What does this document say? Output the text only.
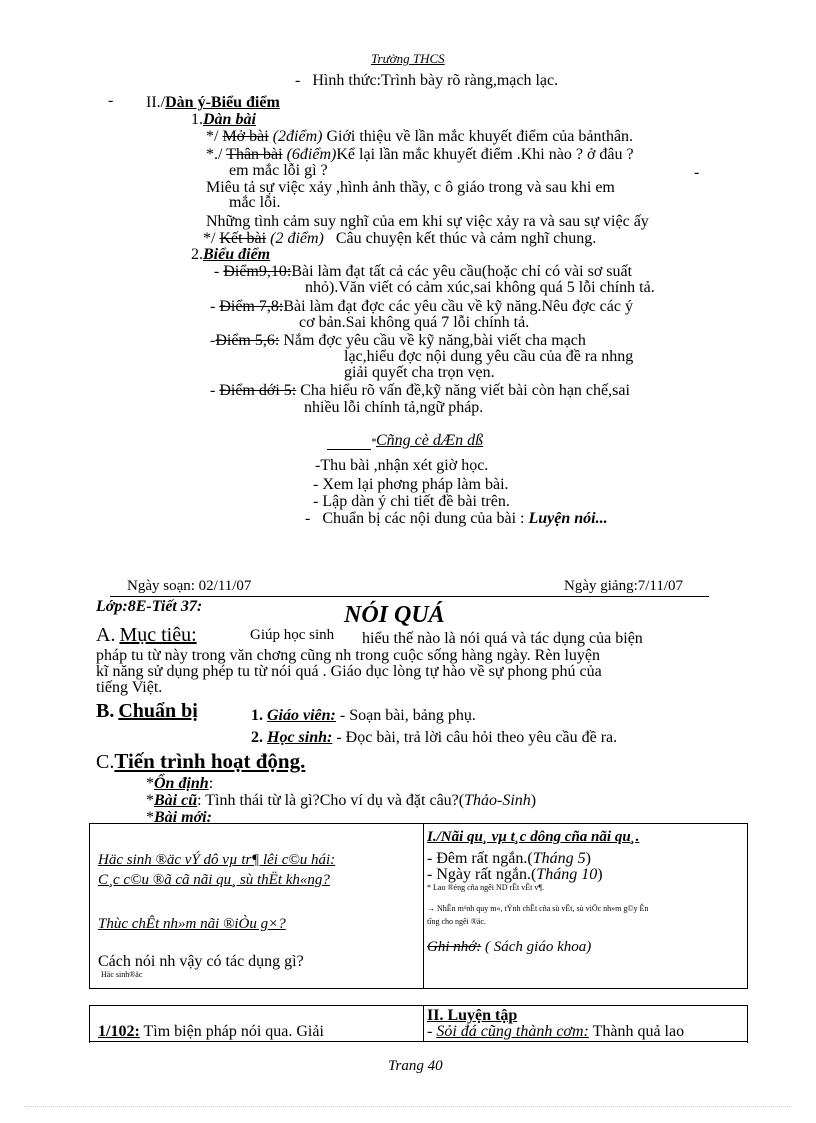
Trường THCS
- Hình thức:Trình bày rõ ràng,mạch lạc.
- II./Dàn ý-Biểu điểm
1.Dàn bài
*/ Mở bài (2điểm) Giới thiệu về lần mắc khuyết điểm của bảnthân.
*./ Thân bài (6điểm)Kể lại lần mắc khuyết điểm .Khi nào ? ở đâu ?
em mắc lỗi gì ?	-
Miêu tả sự việc xảy ,hình ảnh thầy, c ô giáo trong và sau khi em
mắc lỗi.
Những tình cảm suy nghĩ của em khi sự việc xảy ra và sau sự việc ấy
*/ Kết bài (2 điểm) Câu chuyện kết thúc và cảm nghĩ chung.
2.Biểu điểm
- Điểm9,10:Bài làm đạt tất cả các yêu cầu(hoặc chỉ có vài sơ suất
nhỏ).Văn viết có cảm xúc,sai không quá 5 lỗi chính tả.
- Điểm 7,8:Bài làm đạt đợc các yêu cầu về kỹ năng.Nêu đợc các ý
cơ bản.Sai không quá 7 lỗi chính tả.
-Điểm 5,6: Nắm đợc yêu cầu về kỹ năng,bài viết cha mạch
lạc,hiểu đợc nội dung yêu cầu của đề ra nhng
giải quyết cha trọn vẹn.
- Điểm dới 5: Cha hiểu rõ vấn đề,kỹ năng viết bài còn hạn chế,sai
nhiều lỗi chính tả,ngữ pháp.
*Cñng cè dÆn dß
-Thu bài ,nhận xét giờ học.
- Xem lại phơng pháp làm bài.
- Lập dàn ý chi tiết đề bài trên.
- Chuẩn bị các nội dung của bài : Luyện nói...
Ngày soạn: 02/11/07	Ngày giảng:7/11/07
Lớp:8E-Tiết 37:	NÓI QUÁ
A. Mục tiêu:	Giúp học sinh hiểu thế nào là nói quá và tác dụng của biện
pháp tu từ này trong văn chơng cũng nh trong cuộc sống hàng ngày. Rèn luyện
kĩ năng sử dụng phép tu từ nói quá . Giáo dục lòng tự hào về sự phong phú của
tiếng Việt.
B. Chuẩn bị	1. Giáo viên: - Soạn bài, bảng phụ.
2. Học sinh: - Đọc bài, trả lời câu hỏi theo yêu cầu đề ra.
C.Tiến trình hoạt động.
*Ổn định:
*Bài cũ: Tình thái từ là gì?Cho ví dụ và đặt câu?(Thảo-Sinh)
*Bài mới:
Häc sinh ®äc vÝ dô vµ tr¶ lêi c©u hái:
C¸c c©u ®ã cã nãi qu¸ sù thËt kh«ng?
Thùc chÊt nh»m nãi ®iÒu g×?
Cách nói nh vậy có tác dụng gì?
Häc sinh®äc
I./Nãi qu¸ vµ t¸c dông cña nãi qu¸.
- Đêm rất ngắn.(Tháng 5)
- Ngày rất ngắn.(Tháng 10)
* Lao ®éng cña ngêi ND rÊt vÊt v¶.
→ NhÊn m¹nh quy m«, tÝnh chÊt cña sù vËt, sù viÖc nh»m g©y Ên
tîng cho ngêi ®äc.
Ghi nhớ: ( Sách giáo khoa)
1/102: Tìm biện pháp nói qua. Giải
II. Luyện tập
- Sỏi đá cũng thành cơm: Thành quả lao
Trang 40
